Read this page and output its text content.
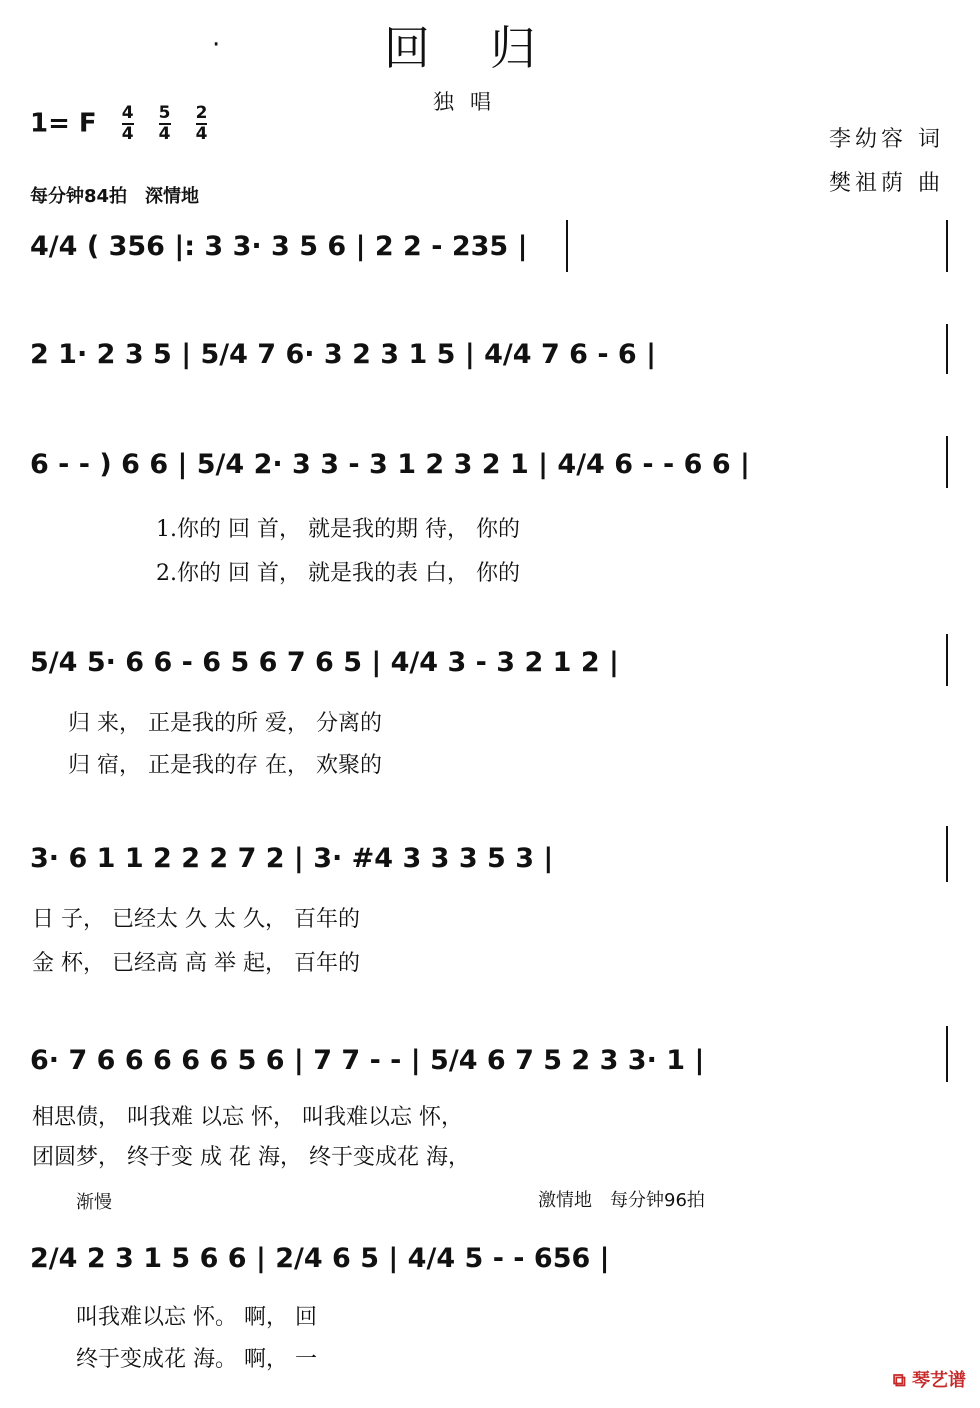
·	回归
独唱
1= F $\frac{4}{4}$
$\frac{5}{4}$
$\frac{2}{4}$	李幼容 词
樊祖荫 曲
每分钟84拍　深情地
4/4 ( 356 |: 3 3· 3 5 6 | 2 2 - 235 |
2 1· 2 3 5 | 5/4 7 6· 3 2 3 1 5 | 4/4 7 6 - 6 |
6 - - ) 6 6 | 5/4 2· 3 3 - 3 1 2 3 2 1 | 4/4 6 - - 6 6 |
1.你的 回 首， 就是我的期 待， 你的
2.你的 回 首， 就是我的表 白， 你的
5/4 5· 6 6 - 6 5 6 7 6 5 | 4/4 3 - 3 2 1 2 |
归 来， 正是我的所 爱， 分离的
归 宿， 正是我的存 在， 欢聚的
3· 6 1 1 2 2 2 7 2 | 3· #4 3 3 3 5 3 |
日 子， 已经太 久 太 久， 百年的
金 杯， 已经高 高 举 起， 百年的
6· 7 6 6 6 6 6 5 6 | 7 7 - - | 5/4 6 7 5 2 3 3· 1 |
相思债， 叫我难 以忘 怀， 叫我难以忘 怀，
团圆梦， 终于变 成 花 海， 终于变成花 海，
渐慢	激情地　每分钟96拍
2/4 2 3 1 5 6 6 | 2/4 6 5 | 4/4 5 - - 656 |
叫我难以忘 怀。 啊， 回
终于变成花 海。 啊， 一
⧉ 琴艺谱
